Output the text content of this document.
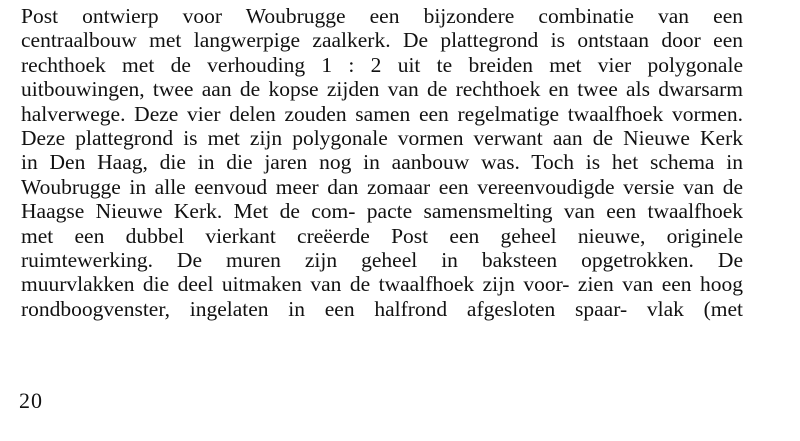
Post ontwierp voor Woubrugge een bijzondere combinatie van een
centraalbouw met langwerpige zaalkerk. De plattegrond is ontstaan door een
rechthoek met de verhouding 1 : 2 uit te breiden met vier polygonale
uitbouwingen, twee aan de kopse zijden van de rechthoek en twee als dwarsarm
halverwege. Deze vier delen zouden samen een regelmatige twaalfhoek vormen.
Deze plattegrond is met zijn polygonale vormen verwant aan de Nieuwe Kerk
in Den Haag, die in die jaren nog in aanbouw was. Toch is het schema in
Woubrugge in alle eenvoud meer dan zomaar een vereenvoudigde versie van de
Haagse Nieuwe Kerk. Met de com- pacte samensmelting van een twaalfhoek
met een dubbel vierkant creëerde Post een geheel nieuwe, originele
ruimtewerking. De muren zijn geheel in baksteen opgetrokken. De
muurvlakken die deel uitmaken van de twaalfhoek zijn voor- zien van een hoog
rondboogvenster, ingelaten in een halfrond afgesloten spaar- vlak (met

20
